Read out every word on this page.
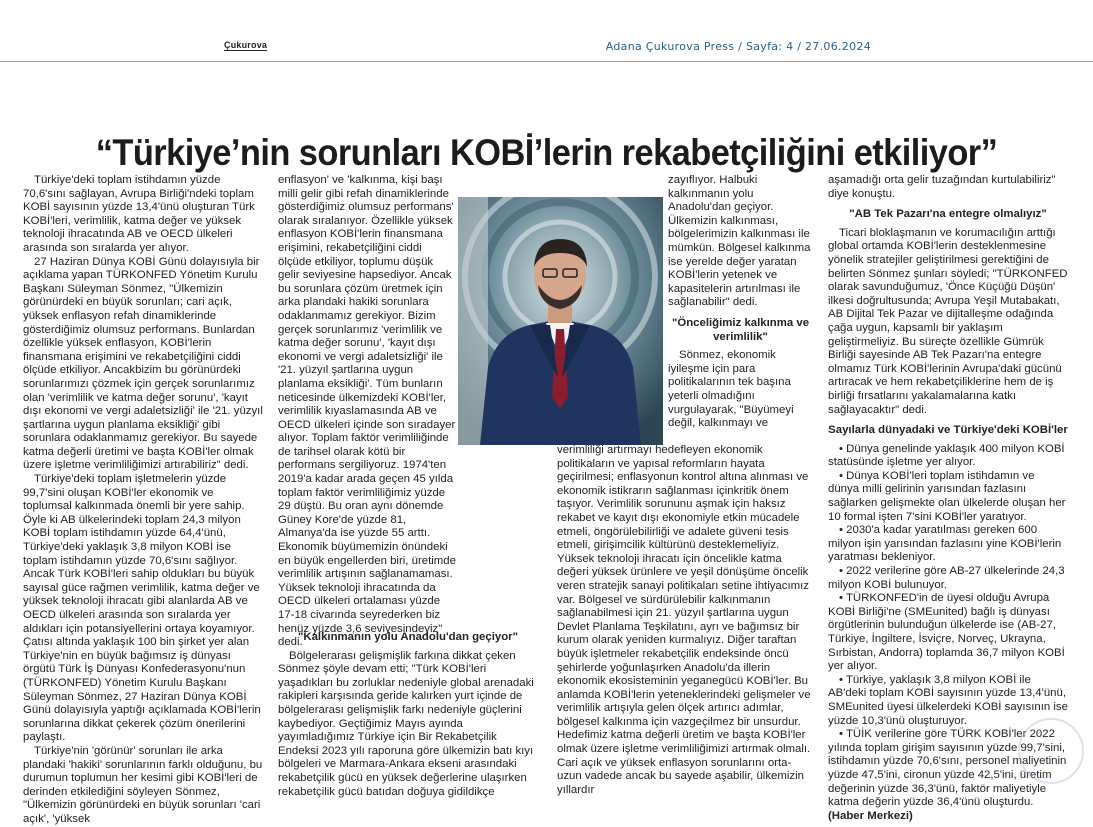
Çukurova	Adana Çukurova Press / Sayfa: 4 / 27.06.2024
“Türkiye’nin sorunları KOBİ’lerin rekabetçiliğini etkiliyor”

Türkiye'deki toplam istihdamın yüzde 70,6'sını sağlayan, Avrupa Birliği'ndeki toplam KOBİ sayısının yüzde 13,4'ünü oluşturan Türk KOBİ'leri, verimlilik, katma değer ve yüksek teknoloji ihracatında AB ve OECD ülkeleri arasında son sıralarda yer alıyor.

27 Haziran Dünya KOBİ Günü dolayısıyla bir açıklama yapan TÜRKONFED Yönetim Kurulu Başkanı Süleyman Sönmez, "Ülkemizin görünürdeki en büyük sorunları; cari açık, yüksek enflasyon refah dinamiklerinde gösterdiğimiz olumsuz performans. Bunlardan özellikle yüksek enflasyon, KOBİ'lerin finansmana erişimini ve rekabetçiliğini ciddi ölçüde etkiliyor. Ancakbizim bu görünürdeki sorunlarımızı çözmek için gerçek sorunlarımız olan 'verimlilik ve katma değer sorunu', 'kayıt dışı ekonomi ve vergi adaletsizliği' ile '21. yüzyıl şartlarına uygun planlama eksikliği' gibi sorunlara odaklanmamız gerekiyor. Bu sayede katma değerli üretimi ve başta KOBİ'ler olmak üzere işletme verimliliğimizi artırabiliriz" dedi.

Türkiye'deki toplam işletmelerin yüzde 99,7'sini oluşan KOBİ'ler ekonomik ve toplumsal kalkınmada önemli bir yere sahip. Öyle ki AB ülkelerindeki toplam 24,3 milyon KOBİ toplam istihdamın yüzde 64,4'ünü, Türkiye'deki yaklaşık 3,8 milyon KOBİ ise toplam istihdamın yüzde 70,6'sını sağlıyor. Ancak Türk KOBİ'leri sahip oldukları bu büyük sayısal güce rağmen verimlilik, katma değer ve yüksek teknoloji ihracatı gibi alanlarda AB ve OECD ülkeleri arasında son sıralarda yer aldıkları için potansiyellerini ortaya koyamıyor. Çatısı altında yaklaşık 100 bin şirket yer alan Türkiye'nin en büyük bağımsız iş dünyası örgütü Türk İş Dünyası Konfederasyonu'nun (TÜRKONFED) Yönetim Kurulu Başkanı Süleyman Sönmez, 27 Haziran Dünya KOBİ Günü dolayısıyla yaptığı açıklamada KOBİ'lerin sorunlarına dikkat çekerek çözüm önerilerini paylaştı.

Türkiye'nin 'görünür' sorunları ile arka plandaki 'hakiki' sorunlarının farklı olduğunu, bu durumun toplumun her kesimi gibi KOBİ'leri de derinden etkilediğini söyleyen Sönmez, "Ülkemizin görünürdeki en büyük sorunları 'cari açık', 'yüksek

enflasyon' ve 'kalkınma, kişi başı milli gelir gibi refah dinamiklerinde gösterdiğimiz olumsuz performans' olarak sıralanıyor. Özellikle yüksek enflasyon KOBİ'lerin finansmana erişimini, rekabetçiliğini ciddi ölçüde etkiliyor, toplumu düşük gelir seviyesine hapsediyor. Ancak bu sorunlara çözüm üretmek için arka plandaki hakiki sorunlara odaklanmamız gerekiyor. Bizim gerçek sorunlarımız 'verimlilik ve katma değer sorunu', 'kayıt dışı ekonomi ve vergi adaletsizliği' ile '21. yüzyıl şartlarına uygun planlama eksikliği'. Tüm bunların neticesinde ülkemizdeki KOBİ'ler, verimlilik kıyaslamasında AB ve OECD ülkeleri içinde son sıradayer alıyor. Toplam faktör verimliliğinde de tarihsel olarak kötü bir performans sergiliyoruz. 1974'ten 2019'a kadar arada geçen 45 yılda toplam faktör verimliliğimiz yüzde 29 düştü. Bu oran aynı dönemde Güney Kore'de yüzde 81, Almanya'da ise yüzde 55 arttı. Ekonomik büyümemizin önündeki en büyük engellerden biri, üretimde verimlilik artışının sağlanamaması. Yüksek teknoloji ihracatında da OECD ülkeleri ortalaması yüzde 17-18 civarında seyrederken biz henüz yüzde 3,6 seviyesindeyiz" dedi.

"Kalkınmanın yolu Anadolu'dan geçiyor"

Bölgelerarası gelişmişlik farkına dikkat çeken Sönmez şöyle devam etti; "Türk KOBİ'leri yaşadıkları bu zorluklar nedeniyle global arenadaki rakipleri karşısında geride kalırken yurt içinde de bölgelerarası gelişmişlik farkı nedeniyle güçlerini kaybediyor. Geçtiğimiz Mayıs ayında yayımladığımız Türkiye için Bir Rekabetçilik Endeksi 2023 yılı raporuna göre ülkemizin batı kıyı bölgeleri ve Marmara-Ankara ekseni arasındaki rekabetçilik gücü en yüksek değerlerine ulaşırken rekabetçilik gücü batıdan doğuya gidildikçe

zayıflıyor. Halbuki kalkınmanın yolu Anadolu'dan geçiyor. Ülkemizin kalkınması, bölgelerimizin kalkınması ile mümkün. Bölgesel kalkınma ise yerelde değer yaratan KOBİ'lerin yetenek ve kapasitelerin artırılması ile sağlanabilir" dedi.

"Önceliğimiz kalkınma ve verimlilik"

Sönmez, ekonomik iyileşme için para politikalarının tek başına yeterli olmadığını vurgulayarak, "Büyümeyi değil, kalkınmayı ve

verimliliği artırmayı hedefleyen ekonomik politikaların ve yapısal reformların hayata geçirilmesi; enflasyonun kontrol altına alınması ve ekonomik istikrarın sağlanması içinkritik önem taşıyor. Verimlilik sorununu aşmak için haksız rekabet ve kayıt dışı ekonomiyle etkin mücadele etmeli, öngörülebilirliği ve adalete güveni tesis etmeli, girişimcilik kültürünü desteklemeliyiz. Yüksek teknoloji ihracatı için öncelikle katma değeri yüksek ürünlere ve yeşil dönüşüme öncelik veren stratejik sanayi politikaları setine ihtiyacımız var. Bölgesel ve sürdürülebilir kalkınmanın sağlanabilmesi için 21. yüzyıl şartlarına uygun Devlet Planlama Teşkilatını, ayrı ve bağımsız bir kurum olarak yeniden kurmalıyız. Diğer taraftan büyük işletmeler rekabetçilik endeksinde öncü şehirlerde yoğunlaşırken Anadolu'da illerin ekonomik ekosisteminin yeganegücü KOBİ'ler. Bu anlamda KOBİ'lerin yeteneklerindeki gelişmeler ve verimlilik artışıyla gelen ölçek artırıcı adımlar, bölgesel kalkınma için vazgeçilmez bir unsurdur. Hedefimiz katma değerli üretim ve başta KOBİ'ler olmak üzere işletme verimliliğimizi artırmak olmalı. Cari açık ve yüksek enflasyon sorunlarını orta-uzun vadede ancak bu sayede aşabilir, ülkemizin yıllardır

aşamadığı orta gelir tuzağından kurtulabiliriz" diye konuştu.

"AB Tek Pazarı'na entegre olmalıyız"

Ticari bloklaşmanın ve korumacılığın arttığı global ortamda KOBİ'lerin desteklenmesine yönelik stratejiler geliştirilmesi gerektiğini de belirten Sönmez şunları söyledi; "TÜRKONFED olarak savunduğumuz, 'Önce Küçüğü Düşün' ilkesi doğrultusunda; Avrupa Yeşil Mutabakatı, AB Dijital Tek Pazar ve dijitalleşme odağında çağa uygun, kapsamlı bir yaklaşım geliştirmeliyiz. Bu süreçte özellikle Gümrük Birliği sayesinde AB Tek Pazarı'na entegre olmamız Türk KOBİ'lerinin Avrupa'daki gücünü artıracak ve hem rekabetçiliklerine hem de iş birliği fırsatlarını yakalamalarına katkı sağlayacaktır" dedi.

Sayılarla dünyadaki ve Türkiye'deki KOBİ'ler

• Dünya genelinde yaklaşık 400 milyon KOBİ statüsünde işletme yer alıyor.

• Dünya KOBİ'leri toplam istihdamın ve dünya milli gelirinin yarısından fazlasını sağlarken gelişmekte olan ülkelerde oluşan her 10 formal işten 7'sini KOBİ'ler yaratıyor.

• 2030'a kadar yaratılması gereken 600 milyon işin yarısından fazlasını yine KOBİ'lerin yaratması bekleniyor.

• 2022 verilerine göre AB-27 ülkelerinde 24,3 milyon KOBİ bulunuyor.

• TÜRKONFED'in de üyesi olduğu Avrupa KOBİ Birliği'ne (SMEunited) bağlı iş dünyası örgütlerinin bulunduğun ülkelerde ise (AB-27, Türkiye, İngiltere, İsviçre, Norveç, Ukrayna, Sırbistan, Andorra) toplamda 36,7 milyon KOBİ yer alıyor.

• Türkiye, yaklaşık 3,8 milyon KOBİ ile AB'deki toplam KOBİ sayısının yüzde 13,4'ünü, SMEunited üyesi ülkelerdeki KOBİ sayısının ise yüzde 10,3'ünü oluşturuyor.

• TÜİK verilerine göre TÜRK KOBİ'ler 2022 yılında toplam girişim sayısının yüzde 99,7'sini, istihdamın yüzde 70,6'sını, personel maliyetinin yüzde 47,5'ini, cironun yüzde 42,5'ini, üretim değerinin yüzde 36,3'ünü, faktör maliyetiyle katma değerin yüzde 36,4'ünü oluşturdu. (Haber Merkezi)
